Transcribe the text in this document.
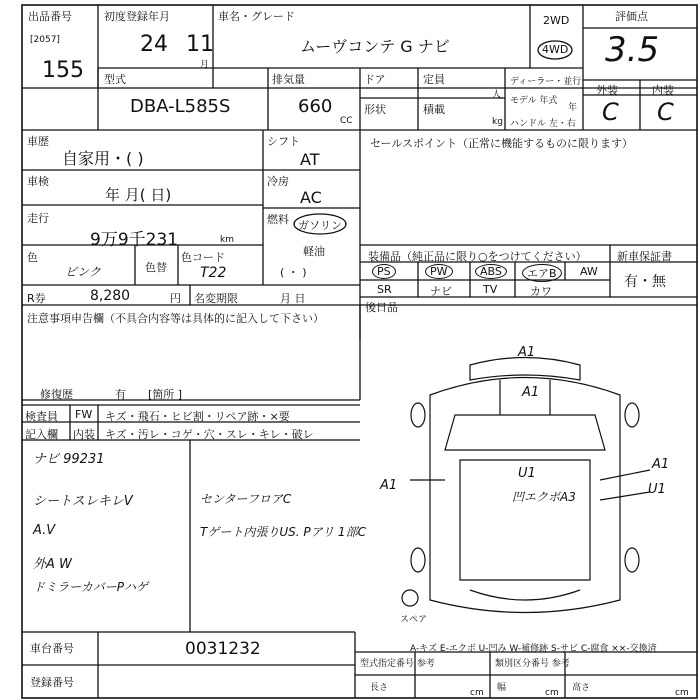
出品番号
[2057]
155
初度登録年月
24 11
月
車名・グレード
ムーヴコンテ G ナビ
2WD
4WD
評価点
3.5
型式
DBA-L585S
排気量
660
CC
ドア	定員
人
形状	積載
kg
ディーラー・並行
モデル 年式
年
ハンドル 左・右
外装	内装
C C
車歴
自家用・( )
車検
年 月( 日)
走行
9万9千231	km
色
ピンク	色替
色コード
T22
シフト
AT
冷房
AC
燃料 ガソリン
軽油
( ・ )
R券	8,280	円 名変期限	月 日
セールスポイント（正常に機能するものに限ります）
装備品（純正品に限り○をつけてください）	新車保証書
有・無
PS	PW	ABS	エアB	AW
SR	ナビ	TV	カワ
後日品
注意事項申告欄（不具合内容等は具体的に記入して下さい）
修復歴	有 [箇所 ]
検査員
記入欄
FW キズ・飛石・ヒビ割・リペア跡・×要
内装 キズ・汚レ・コゲ・穴・スレ・キレ・破レ
ナビ 99231
シートスレキレV
A.V
外A W
ドミラーカバーPハゲ
センターフロアC
Tゲート内張りUS. Pアリ 1部C
A1
A1
A1
A1
U1
U1
凹エクボA3
スペア
A-キズ E-エクボ U-凹み W-補修跡 S-サビ C-腐食 ××-交換済
車台番号	0031232
登録番号
型式指定番号 参考	類別区分番号 参考
長さ	cm 幅	cm 高さ	cm
